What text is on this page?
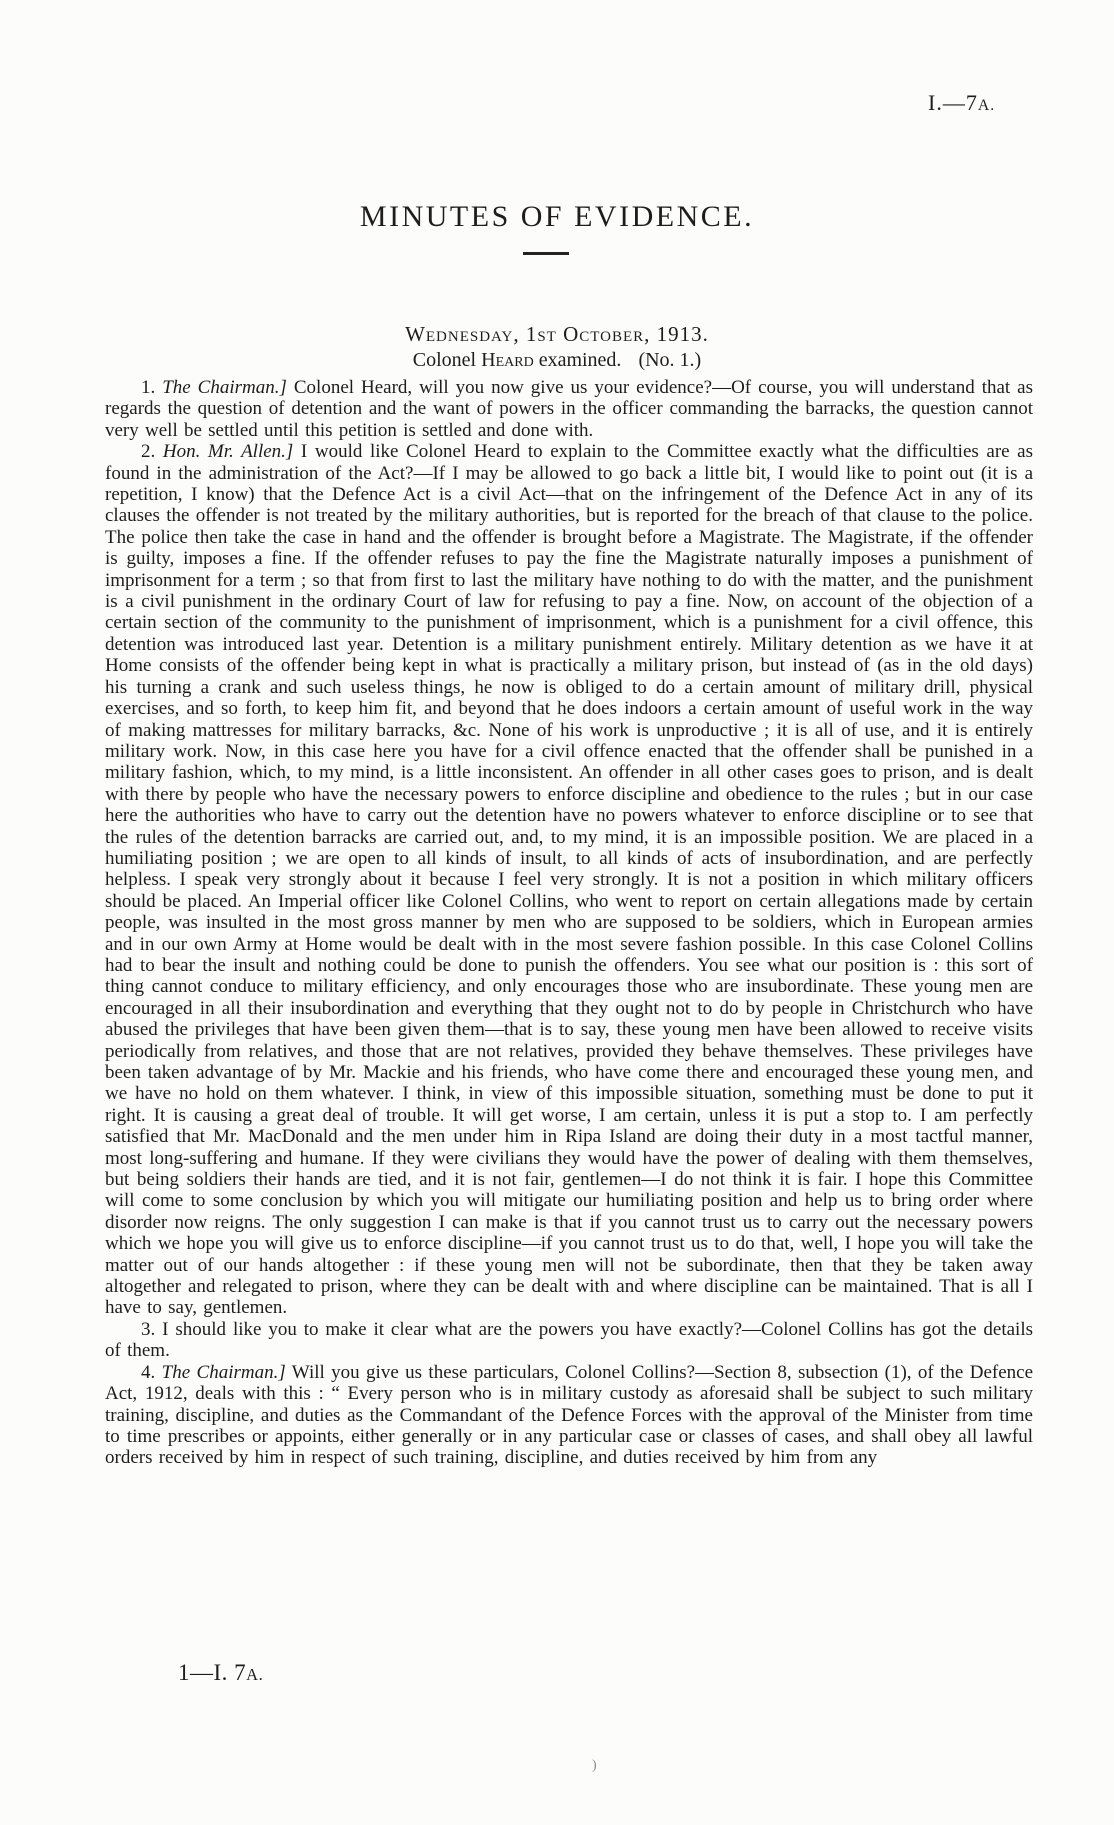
I.—7A.
MINUTES OF EVIDENCE.
Wednesday, 1st October, 1913.
Colonel Heard examined. (No. 1.)

1. The Chairman.] Colonel Heard, will you now give us your evidence?—Of course, you will understand that as regards the question of detention and the want of powers in the officer commanding the barracks, the question cannot very well be settled until this petition is settled and done with.

2. Hon. Mr. Allen.] I would like Colonel Heard to explain to the Committee exactly what the difficulties are as found in the administration of the Act?—If I may be allowed to go back a little bit, I would like to point out (it is a repetition, I know) that the Defence Act is a civil Act—that on the infringement of the Defence Act in any of its clauses the offender is not treated by the military authorities, but is reported for the breach of that clause to the police. The police then take the case in hand and the offender is brought before a Magistrate. The Magistrate, if the offender is guilty, imposes a fine. If the offender refuses to pay the fine the Magistrate naturally imposes a punishment of imprisonment for a term ; so that from first to last the military have nothing to do with the matter, and the punishment is a civil punishment in the ordinary Court of law for refusing to pay a fine. Now, on account of the objection of a certain section of the community to the punishment of imprisonment, which is a punishment for a civil offence, this detention was introduced last year. Detention is a military punishment entirely. Military detention as we have it at Home consists of the offender being kept in what is practically a military prison, but instead of (as in the old days) his turning a crank and such useless things, he now is obliged to do a certain amount of military drill, physical exercises, and so forth, to keep him fit, and beyond that he does indoors a certain amount of useful work in the way of making mattresses for military barracks, &c. None of his work is unproductive ; it is all of use, and it is entirely military work. Now, in this case here you have for a civil offence enacted that the offender shall be punished in a military fashion, which, to my mind, is a little inconsistent. An offender in all other cases goes to prison, and is dealt with there by people who have the necessary powers to enforce discipline and obedience to the rules ; but in our case here the authorities who have to carry out the detention have no powers whatever to enforce discipline or to see that the rules of the detention barracks are carried out, and, to my mind, it is an impossible position. We are placed in a humiliating position ; we are open to all kinds of insult, to all kinds of acts of insubordination, and are perfectly helpless. I speak very strongly about it because I feel very strongly. It is not a position in which military officers should be placed. An Imperial officer like Colonel Collins, who went to report on certain allegations made by certain people, was insulted in the most gross manner by men who are supposed to be soldiers, which in European armies and in our own Army at Home would be dealt with in the most severe fashion possible. In this case Colonel Collins had to bear the insult and nothing could be done to punish the offenders. You see what our position is : this sort of thing cannot conduce to military efficiency, and only encourages those who are insubordinate. These young men are encouraged in all their insubordination and everything that they ought not to do by people in Christchurch who have abused the privileges that have been given them—that is to say, these young men have been allowed to receive visits periodically from relatives, and those that are not relatives, provided they behave themselves. These privileges have been taken advantage of by Mr. Mackie and his friends, who have come there and encouraged these young men, and we have no hold on them whatever. I think, in view of this impossible situation, something must be done to put it right. It is causing a great deal of trouble. It will get worse, I am certain, unless it is put a stop to. I am perfectly satisfied that Mr. MacDonald and the men under him in Ripa Island are doing their duty in a most tactful manner, most long-suffering and humane. If they were civilians they would have the power of dealing with them themselves, but being soldiers their hands are tied, and it is not fair, gentlemen—I do not think it is fair. I hope this Committee will come to some conclusion by which you will mitigate our humiliating position and help us to bring order where disorder now reigns. The only suggestion I can make is that if you cannot trust us to carry out the necessary powers which we hope you will give us to enforce discipline—if you cannot trust us to do that, well, I hope you will take the matter out of our hands altogether : if these young men will not be subordinate, then that they be taken away altogether and relegated to prison, where they can be dealt with and where discipline can be maintained. That is all I have to say, gentlemen.

3. I should like you to make it clear what are the powers you have exactly?—Colonel Collins has got the details of them.

4. The Chairman.] Will you give us these particulars, Colonel Collins?—Section 8, subsection (1), of the Defence Act, 1912, deals with this : “ Every person who is in military custody as aforesaid shall be subject to such military training, discipline, and duties as the Commandant of the Defence Forces with the approval of the Minister from time to time prescribes or appoints, either generally or in any particular case or classes of cases, and shall obey all lawful orders received by him in respect of such training, discipline, and duties received by him from any

1—I. 7A.
)
